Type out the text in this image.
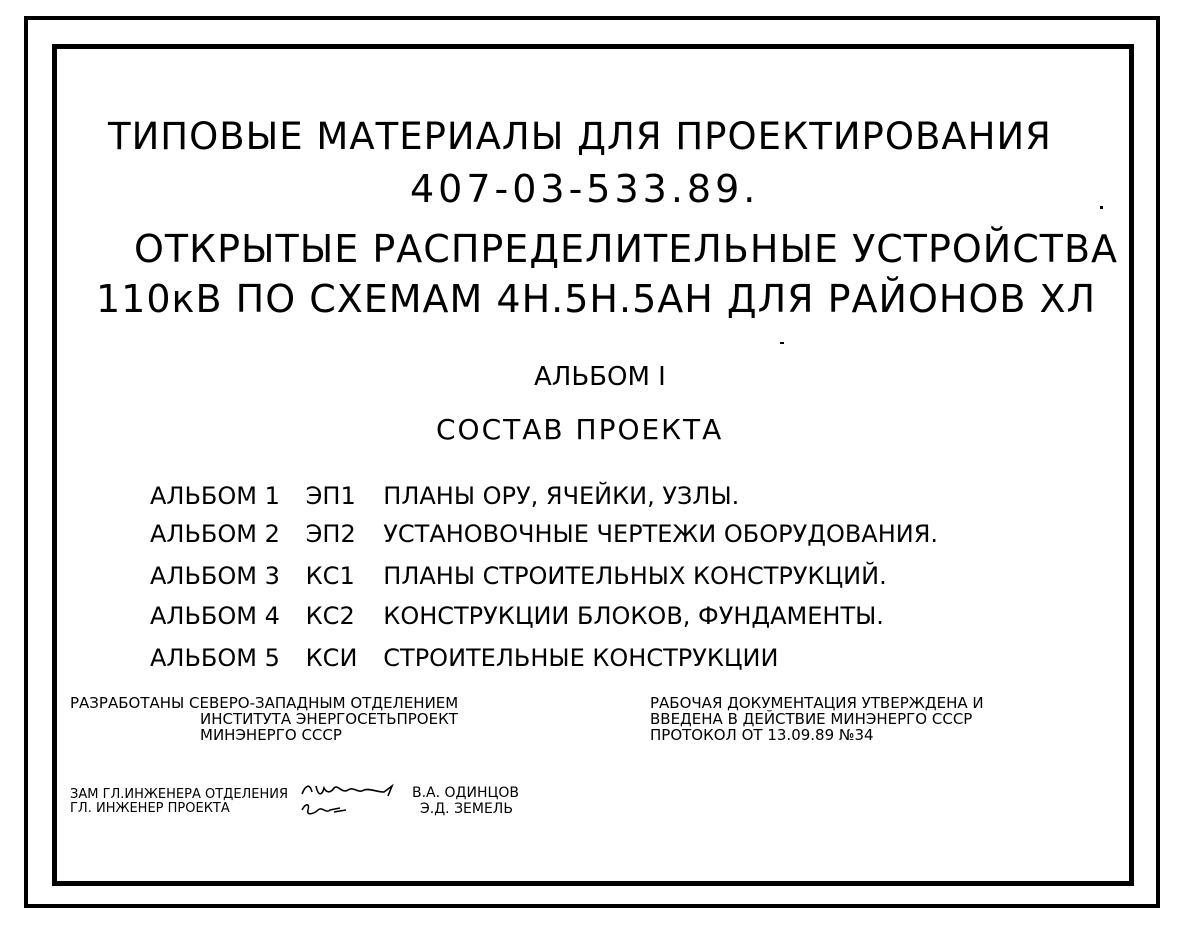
ТИПОВЫЕ МАТЕРИАЛЫ ДЛЯ ПРОЕКТИРОВАНИЯ
407-03-533.89.
ОТКРЫТЫЕ РАСПРЕДЕЛИТЕЛЬНЫЕ УСТРОЙСТВА
110кВ ПО СХЕМАМ 4Н.5Н.5АН ДЛЯ РАЙОНОВ ХЛ
АЛЬБОМ I
СОСТАВ ПРОЕКТА
АЛЬБОМ 1 ЭП1 ПЛАНЫ ОРУ, ЯЧЕЙКИ, УЗЛЫ.
АЛЬБОМ 2 ЭП2 УСТАНОВОЧНЫЕ ЧЕРТЕЖИ ОБОРУДОВАНИЯ.
АЛЬБОМ 3 КС1 ПЛАНЫ СТРОИТЕЛЬНЫХ КОНСТРУКЦИЙ.
АЛЬБОМ 4 КС2 КОНСТРУКЦИИ БЛОКОВ, ФУНДАМЕНТЫ.
АЛЬБОМ 5 КСИ СТРОИТЕЛЬНЫЕ КОНСТРУКЦИИ
РАЗРАБОТАНЫ СЕВЕРО-ЗАПАДНЫМ ОТДЕЛЕНИЕМ
ИНСТИТУТА ЭНЕРГОСЕТЬПРОЕКТ
МИНЭНЕРГО СССР
РАБОЧАЯ ДОКУМЕНТАЦИЯ УТВЕРЖДЕНА И
ВВЕДЕНА В ДЕЙСТВИЕ МИНЭНЕРГО СССР
ПРОТОКОЛ ОТ 13.09.89 №34
ЗАМ ГЛ.ИНЖЕНЕРА ОТДЕЛЕНИЯ
ГЛ. ИНЖЕНЕР ПРОЕКТА
В.А. ОДИНЦОВ
Э.Д. ЗЕМЕЛЬ
